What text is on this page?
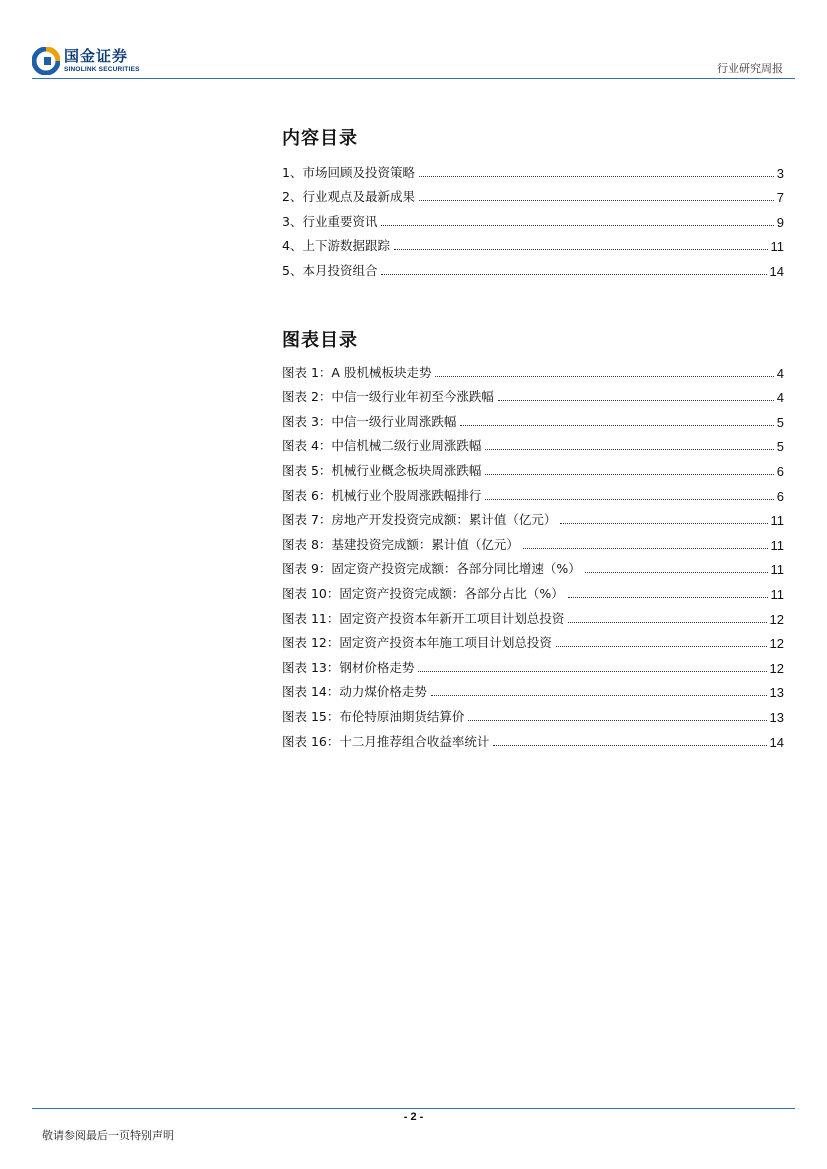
国金证券
SINOLINK SECURITIES	行业研究周报
内容目录
1、市场回顾及投资策略	3
2、行业观点及最新成果	7
3、行业重要资讯	9
4、上下游数据跟踪	11
5、本月投资组合	14
图表目录
图表 1：A 股机械板块走势	4
图表 2：中信一级行业年初至今涨跌幅	4
图表 3：中信一级行业周涨跌幅	5
图表 4：中信机械二级行业周涨跌幅	5
图表 5：机械行业概念板块周涨跌幅	6
图表 6：机械行业个股周涨跌幅排行	6
图表 7：房地产开发投资完成额：累计值（亿元）	11
图表 8：基建投资完成额：累计值（亿元）	11
图表 9：固定资产投资完成额：各部分同比增速（%）	11
图表 10：固定资产投资完成额：各部分占比（%）	11
图表 11：固定资产投资本年新开工项目计划总投资	12
图表 12：固定资产投资本年施工项目计划总投资	12
图表 13：钢材价格走势	12
图表 14：动力煤价格走势	13
图表 15：布伦特原油期货结算价	13
图表 16：十二月推荐组合收益率统计	14
- 2 -
敬请参阅最后一页特别声明
